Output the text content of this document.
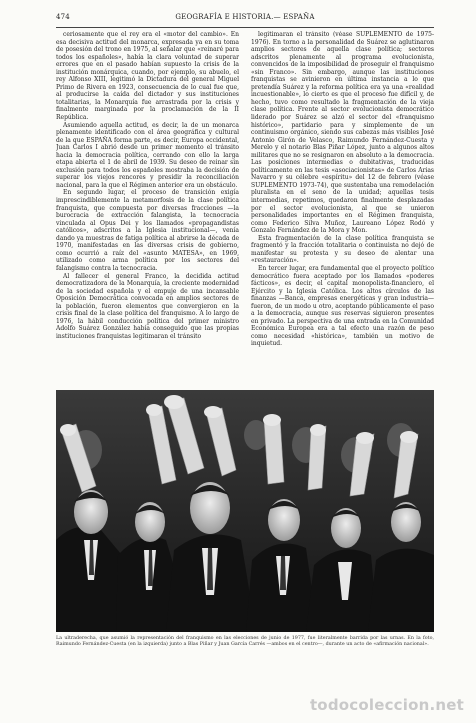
474	GEOGRAFÍA E HISTORIA.— ESPAÑA

ceriosamente que el rey era el «motor del cambio». En esa decisiva actitud del monarca, expresada ya en su toma de posesión del trono en 1975, al señalar que «reinaré para todos los españoles», había la clara voluntad de superar errores que en el pasado habían supuesto la crisis de la institución monárquica, cuando, por ejemplo, su abuelo, el rey Alfonso XIII, legitimó la Dictadura del general Miguel Primo de Rivera en 1923, consecuencia de lo cual fue que, al producirse la caída del dictador y sus instituciones totalitarias, la Monarquía fue arrastrada por la crisis y finalmente marginada por la proclamación de la II República.

Asumiendo aquella actitud, es decir, la de un monarca plenamente identificado con el área geográfica y cultural de la que ESPAÑA forma parte, es decir, Europa occidental, Juan Carlos I abrió desde un primer momento el tránsito hacia la democracia política, cerrando con ello la larga etapa abierta el 1 de abril de 1939. Su deseo de reinar sin exclusión para todos los españoles mostraba la decisión de superar los viejos rencores y presidir la reconciliación nacional, para la que el Régimen anterior era un obstáculo.

En segundo lugar, el proceso de transición exigía imprescindiblemente la metamorfosis de la clase política franquista, que compuesta por diversas fracciones —la burocracia de extracción falangista, la tecnocracia vinculada al Opus Dei y los llamados «propagandistas católicos», adscritos a la Iglesia institucional—, venía dando ya muestras de fatiga política al abrirse la década de 1970, manifestadas en las diversas crisis de gobierno, como ocurrió a raíz del «asunto MATESA», en 1969, utilizado como arma política por los sectores del falangismo contra la tecnocracia.

Al fallecer el general Franco, la decidida actitud democratizadora de la Monarquía, la creciente modernidad de la sociedad española y el empuje de una incansable Oposición Democrática convocada en amplios sectores de la población, fueron elementos que convergieron en la crisis final de la clase política del franquismo. A lo largo de 1976, la hábil conducción política del primer ministro Adolfo Suárez González había conseguido que las propias instituciones franquistas legitimaran el tránsito

legitimaran el tránsito (véase SUPLEMENTO de 1975-1976). En torno a la personalidad de Suárez se aglutinaron amplios sectores de aquella clase política; sectores adscritos plenamente al programa evolucionista, convencidos de la imposibilidad de proseguir el franquismo «sin Franco». Sin embargo, aunque las instituciones franquistas se avinieron en última instancia a lo que pretendía Suárez y la reforma política era ya una «realidad incuestionable», lo cierto es que el proceso fue difícil y, de hecho, tuvo como resultado la fragmentación de la vieja clase política. Frente al sector evolucionista democrático liderado por Suárez se alzó el sector del «franquismo histórico», partidario para y simplemente de un continuismo orgánico, siendo sus cabezas más visibles José Antonio Girón de Velasco, Raimundo Fernández-Cuesta y Merelo y el notario Blas Piñar López, junto a algunos altos militares que no se resignaron en absoluto a la democracia. Las posiciones intermedias o dubitativas, traducidas políticamente en las tesis «asociacionistas» de Carlos Arias Navarro y su célebre «espíritu» del 12 de febrero (véase SUPLEMENTO 1973-74), que sustentaba una remodelación pluralista en el seno de la unidad; aquellas tesis intermedias, repetimos, quedaron finalmente desplazadas por el sector evolucionista, al que se unieron personalidades importantes en el Régimen franquista, como Federico Silva Muñoz, Laureano López Rodó y Gonzalo Fernández de la Mora y Mon.

Esta fragmentación de la clase política franquista se fragmentó y la fracción totalitaria o continuista no dejó de manifestar su protesta y su deseo de alentar una «restauración».

En tercer lugar, era fundamental que el proyecto político democrático fuera aceptado por los llamados «poderes fácticos», es decir, el capital monopolista-financiero, el Ejército y la Iglesia Católica. Los altos círculos de las finanzas —Banca, empresas energéticas y gran industria— fueron, de un modo u otro, aceptando públicamente el paso a la democracia, aunque sus reservas siguieron presentes en privado. La perspectiva de una entrada en la Comunidad Económica Europea era a tal efecto una razón de peso como necesidad «histórica», también un motivo de inquietud.

La ultraderecha, que asumió la representación del franquismo en las elecciones de junio de 1977, fue literalmente barrida por las urnas. En la foto, Raimundo Fernández-Cuesta (en la izquierda) junto a Blas Piñar y Juan García Carrés —ambos en el centro—, durante un acto de «afirmación nacional».
todocoleccion.net
